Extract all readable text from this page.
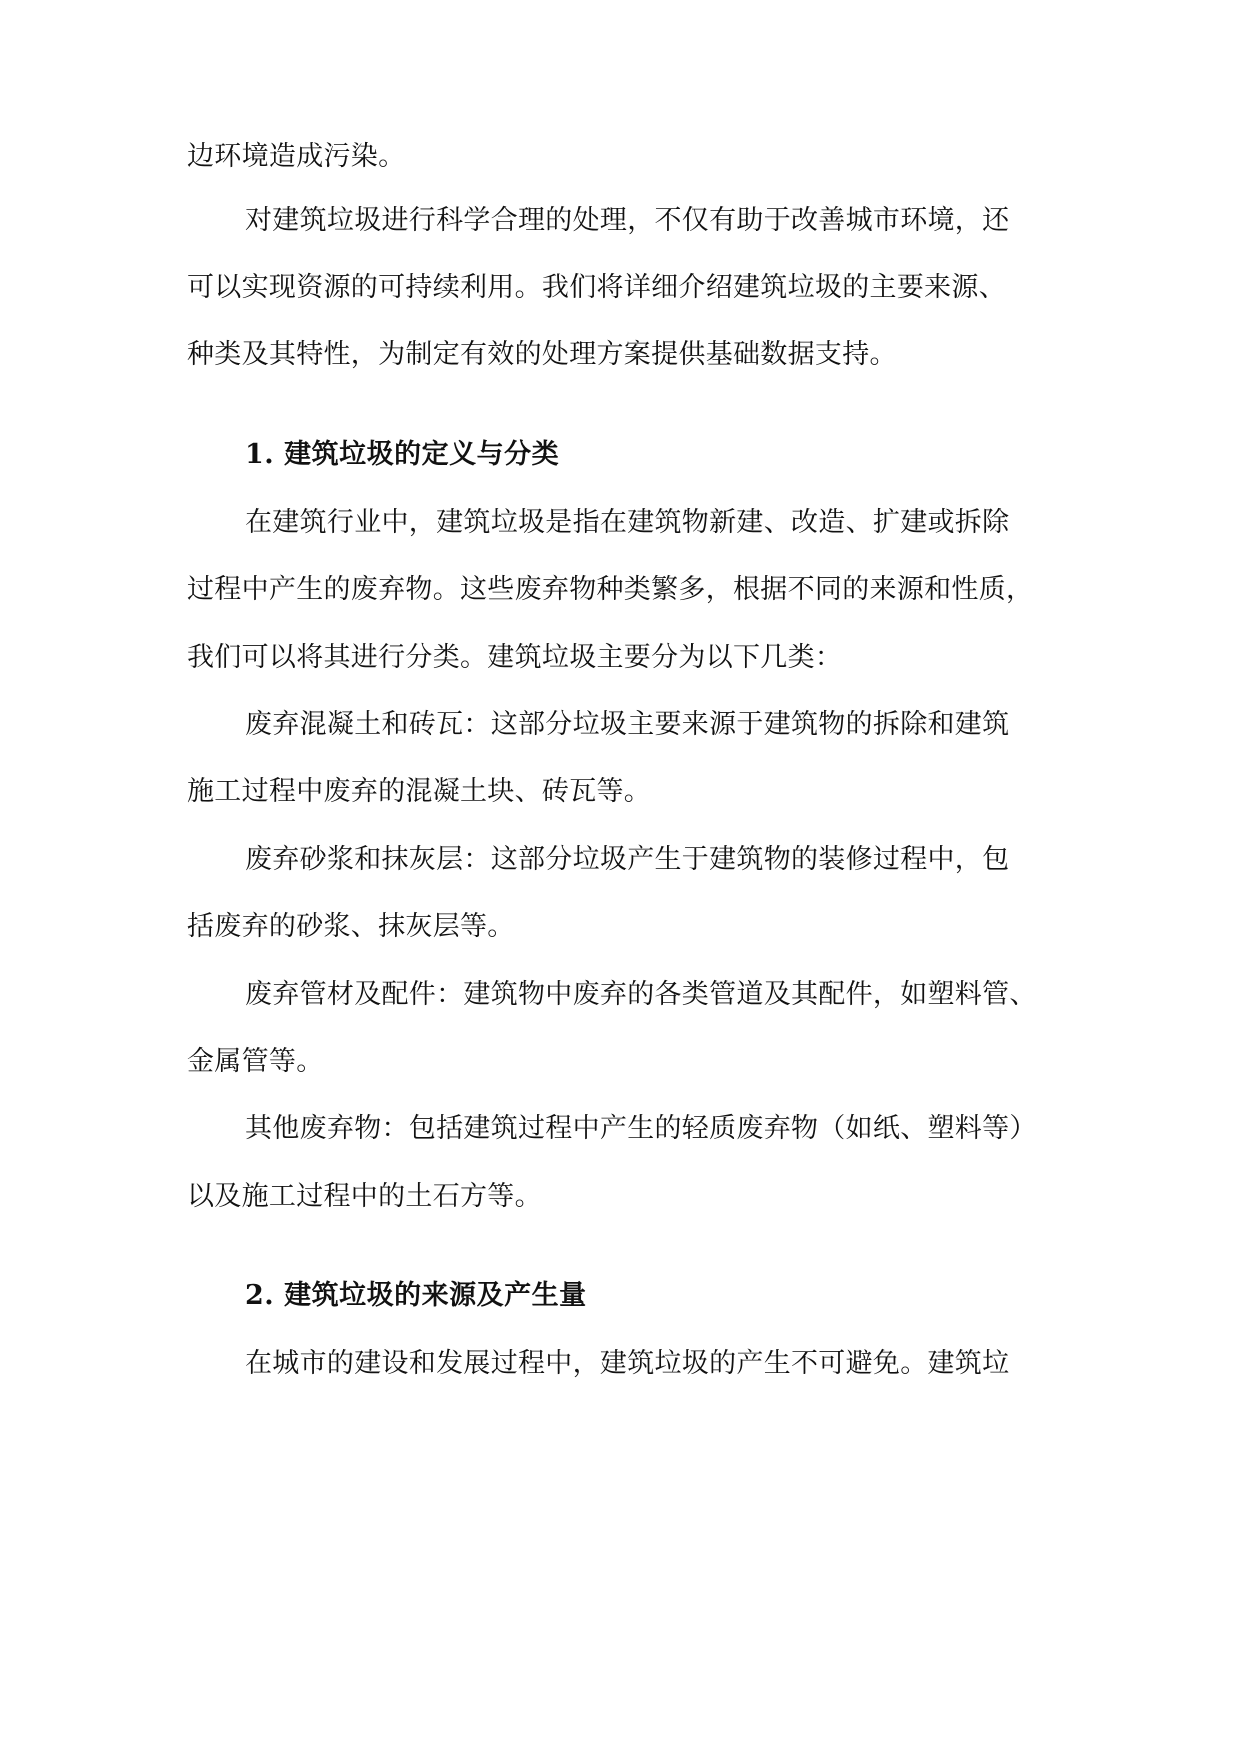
边环境造成污染。
对建筑垃圾进行科学合理的处理，不仅有助于改善城市环境，还
可以实现资源的可持续利用。我们将详细介绍建筑垃圾的主要来源、
种类及其特性，为制定有效的处理方案提供基础数据支持。
1. 建筑垃圾的定义与分类
在建筑行业中，建筑垃圾是指在建筑物新建、改造、扩建或拆除
过程中产生的废弃物。这些废弃物种类繁多，根据不同的来源和性质，
我们可以将其进行分类。建筑垃圾主要分为以下几类：
废弃混凝土和砖瓦：这部分垃圾主要来源于建筑物的拆除和建筑
施工过程中废弃的混凝土块、砖瓦等。
废弃砂浆和抹灰层：这部分垃圾产生于建筑物的装修过程中，包
括废弃的砂浆、抹灰层等。
废弃管材及配件：建筑物中废弃的各类管道及其配件，如塑料管、
金属管等。
其他废弃物：包括建筑过程中产生的轻质废弃物（如纸、塑料等）
以及施工过程中的土石方等。
2. 建筑垃圾的来源及产生量
在城市的建设和发展过程中，建筑垃圾的产生不可避免。建筑垃
